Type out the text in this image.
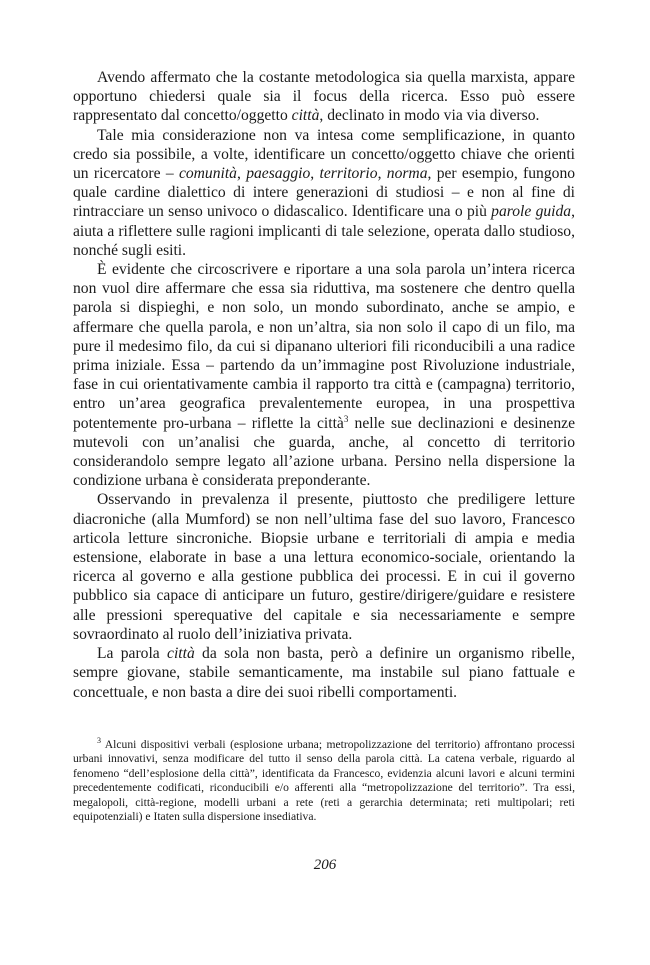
Avendo affermato che la costante metodologica sia quella marxista, appare opportuno chiedersi quale sia il focus della ricerca. Esso può essere rappresentato dal concetto/oggetto città, declinato in modo via via diverso.

Tale mia considerazione non va intesa come semplificazione, in quanto credo sia possibile, a volte, identificare un concetto/oggetto chiave che orienti un ricercatore – comunità, paesaggio, territorio, norma, per esempio, fungono quale cardine dialettico di intere generazioni di studiosi – e non al fine di rintracciare un senso univoco o didascalico. Identificare una o più parole guida, aiuta a riflettere sulle ragioni implicanti di tale selezione, operata dallo studioso, nonché sugli esiti.

È evidente che circoscrivere e riportare a una sola parola un’intera ricerca non vuol dire affermare che essa sia riduttiva, ma sostenere che dentro quella parola si dispieghi, e non solo, un mondo subordinato, anche se ampio, e affermare che quella parola, e non un’altra, sia non solo il capo di un filo, ma pure il medesimo filo, da cui si dipanano ulteriori fili riconducibili a una radice prima iniziale. Essa – partendo da un’immagine post Rivoluzione industriale, fase in cui orientativamente cambia il rapporto tra città e (campagna) territorio, entro un’area geografica prevalentemente europea, in una prospettiva potentemente pro-urbana – riflette la città$^3$ nelle sue declinazioni e desinenze mutevoli con un’analisi che guarda, anche, al concetto di territorio considerandolo sempre legato all’azione urbana. Persino nella dispersione la condizione urbana è considerata preponderante.

Osservando in prevalenza il presente, piuttosto che prediligere letture diacroniche (alla Mumford) se non nell’ultima fase del suo lavoro, Francesco articola letture sincroniche. Biopsie urbane e territoriali di ampia e media estensione, elaborate in base a una lettura economico-sociale, orientando la ricerca al governo e alla gestione pubblica dei processi. E in cui il governo pubblico sia capace di anticipare un futuro, gestire/dirigere/guidare e resistere alle pressioni sperequative del capitale e sia necessariamente e sempre sovraordinato al ruolo dell’iniziativa privata.

La parola città da sola non basta, però a definire un organismo ribelle, sempre giovane, stabile semanticamente, ma instabile sul piano fattuale e concettuale, e non basta a dire dei suoi ribelli comportamenti.

$^3$ Alcuni dispositivi verbali (esplosione urbana; metropolizzazione del territorio) affrontano processi urbani innovativi, senza modificare del tutto il senso della parola città. La catena verbale, riguardo al fenomeno “dell’esplosione della città”, identificata da Francesco, evidenzia alcuni lavori e alcuni termini precedentemente codificati, riconducibili e/o afferenti alla “metropolizzazione del territorio”. Tra essi, megalopoli, città-regione, modelli urbani a rete (reti a gerarchia determinata; reti multipolari; reti equipotenziali) e Itaten sulla dispersione insediativa.

206
